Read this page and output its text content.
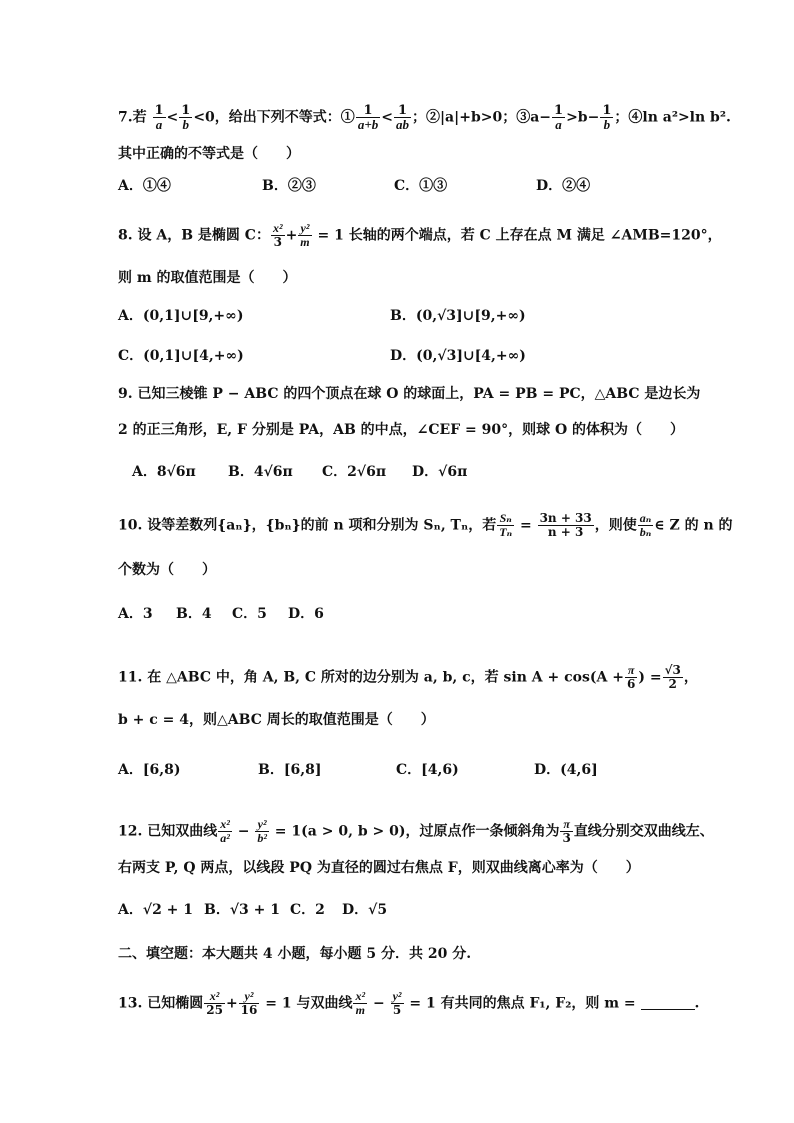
7.若 $\frac{1}{a} < \frac{1}{b} <0$，给出下列不等式：① $\frac{1}{a+b} < \frac{1}{ab}$ ；②|a|+b>0；③a− $\frac{1}{a} >b- \frac{1}{b}$ ；④ln a²>ln b².
其中正确的不等式是（　　）
A．①④	B．②③	C．①③	D．②④
8. 设 A，B 是椭圆 C： $\frac{\text{x²}}{3} + \frac{\text{y²}}{m} = 1$ 长轴的两个端点，若 C 上存在点 M 满足 ∠AMB=120°，
则 m 的取值范围是（　　）
A．(0,1]∪[9,+∞)	B．(0,√3]∪[9,+∞)
C．(0,1]∪[4,+∞)	D．(0,√3]∪[4,+∞)
9. 已知三棱锥 P − ABC 的四个顶点在球 O 的球面上，PA = PB = PC，△ABC 是边长为
2 的正三角形，E, F 分别是 PA，AB 的中点，∠CEF = 90°，则球 O 的体积为（　　）
A．8√6π B．4√6π C．2√6π D．√6π
10. 设等差数列{aₙ}，{bₙ}的前 n 项和分别为 Sₙ, Tₙ，若 $\frac{\text{Sₙ}}{\text{Tₙ}} = \frac{3n + 33}{n + 3}$ ，则使 $\frac{\text{aₙ}}{\text{bₙ}}$ ∈ Z 的 n 的
个数为（　　）
A．3 B．4 C．5 D．6
11. 在 △ABC 中，角 A, B, C 所对的边分别为 a, b, c，若 $\sin A + \cos(A + \frac{\pi}{6}$ ) = $\frac{√3}{2}$ ，
b + c = 4，则△ABC 周长的取值范围是（　　）
A．[6,8)	B．[6,8]	C．[4,6)	D．(4,6]
12. 已知双曲线 $\frac{\text{x²}}{\text{a²}} - \frac{\text{y²}}{\text{b²}} = 1(a > 0$, b > 0)，过原点作一条倾斜角为 $\frac{\pi}{3}$ 直线分别交双曲线左、
右两支 P, Q 两点，以线段 PQ 为直径的圆过右焦点 F，则双曲线离心率为（　　）
A．√2 + 1 B．√3 + 1 C．2 D．√5
二、填空题：本大题共 4 小题，每小题 5 分．共 20 分.
13. 已知椭圆 $\frac{\text{x²}}{25} + \frac{\text{y²}}{16} = 1$ 与双曲线 $\frac{\text{x²}}{m} - \frac{\text{y²}}{5} = 1$ 有共同的焦点 F₁, F₂，则 m =	.
